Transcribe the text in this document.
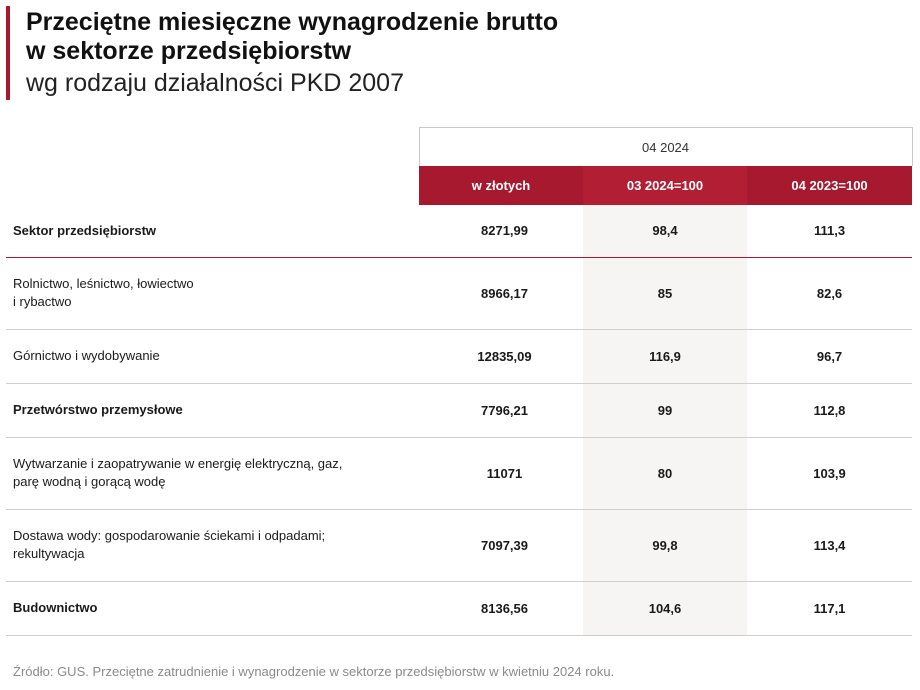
Przeciętne miesięczne wynagrodzenie brutto
w sektorze przedsiębiorstw
wg rodzaju działalności PKD 2007
	04 2024		
	w złotych	03 2024=100	04 2023=100

Sektor przedsiębiorstw	8271,99	98,4	111,3

Rolnictwo, leśnictwo, łowiectwo
i rybactwo	8966,17	85	82,6

Górnictwo i wydobywanie	12835,09	116,9	96,7

Przetwórstwo przemysłowe	7796,21	99	112,8

Wytwarzanie i zaopatrywanie w energię elektryczną, gaz,
parę wodną i gorącą wodę	11071	80	103,9

Dostawa wody: gospodarowanie ściekami i odpadami;
rekultywacja	7097,39	99,8	113,4

Budownictwo	8136,56	104,6	117,1
Źródło: GUS. Przeciętne zatrudnienie i wynagrodzenie w sektorze przedsiębiorstw w kwietniu 2024 roku.
